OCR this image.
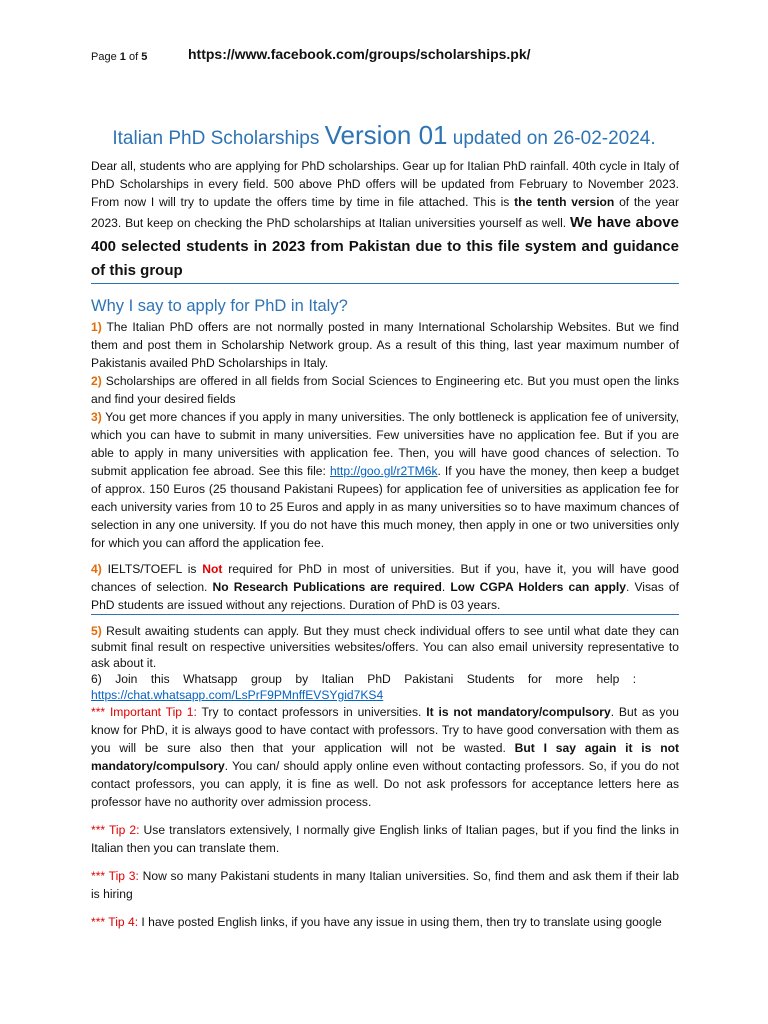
Page 1 of 5	https://www.facebook.com/groups/scholarships.pk/
Italian PhD Scholarships Version 01 updated on 26-02-2024.
Dear all, students who are applying for PhD scholarships. Gear up for Italian PhD rainfall. 40th cycle in Italy of PhD Scholarships in every field. 500 above PhD offers will be updated from February to November 2023. From now I will try to update the offers time by time in file attached. This is the tenth version of the year 2023. But keep on checking the PhD scholarships at Italian universities yourself as well. We have above 400 selected students in 2023 from Pakistan due to this file system and guidance of this group
Why I say to apply for PhD in Italy?
1) The Italian PhD offers are not normally posted in many International Scholarship Websites. But we find them and post them in Scholarship Network group. As a result of this thing, last year maximum number of Pakistanis availed PhD Scholarships in Italy.
2) Scholarships are offered in all fields from Social Sciences to Engineering etc. But you must open the links and find your desired fields
3) You get more chances if you apply in many universities. The only bottleneck is application fee of university, which you can have to submit in many universities. Few universities have no application fee. But if you are able to apply in many universities with application fee. Then, you will have good chances of selection. To submit application fee abroad. See this file: http://goo.gl/r2TM6k. If you have the money, then keep a budget of approx. 150 Euros (25 thousand Pakistani Rupees) for application fee of universities as application fee for each university varies from 10 to 25 Euros and apply in as many universities so to have maximum chances of selection in any one university. If you do not have this much money, then apply in one or two universities only for which you can afford the application fee.
4) IELTS/TOEFL is Not required for PhD in most of universities. But if you, have it, you will have good chances of selection. No Research Publications are required. Low CGPA Holders can apply. Visas of PhD students are issued without any rejections. Duration of PhD is 03 years.
5) Result awaiting students can apply. But they must check individual offers to see until what date they can submit final result on respective universities websites/offers. You can also email university representative to ask about it.
6)    Join    this    Whatsapp    group    by    Italian    PhD    Pakistani    Students    for    more    help    :
https://chat.whatsapp.com/LsPrF9PMnffEVSYgid7KS4
*** Important Tip 1: Try to contact professors in universities. It is not mandatory/compulsory. But as you know for PhD, it is always good to have contact with professors. Try to have good conversation with them as you will be sure also then that your application will not be wasted. But I say again it is not mandatory/compulsory. You can/ should apply online even without contacting professors. So, if you do not contact professors, you can apply, it is fine as well. Do not ask professors for acceptance letters here as professor have no authority over admission process.
*** Tip 2: Use translators extensively, I normally give English links of Italian pages, but if you find the links in Italian then you can translate them.
*** Tip 3: Now so many Pakistani students in many Italian universities. So, find them and ask them if their lab is hiring
*** Tip 4: I have posted English links, if you have any issue in using them, then try to translate using google
